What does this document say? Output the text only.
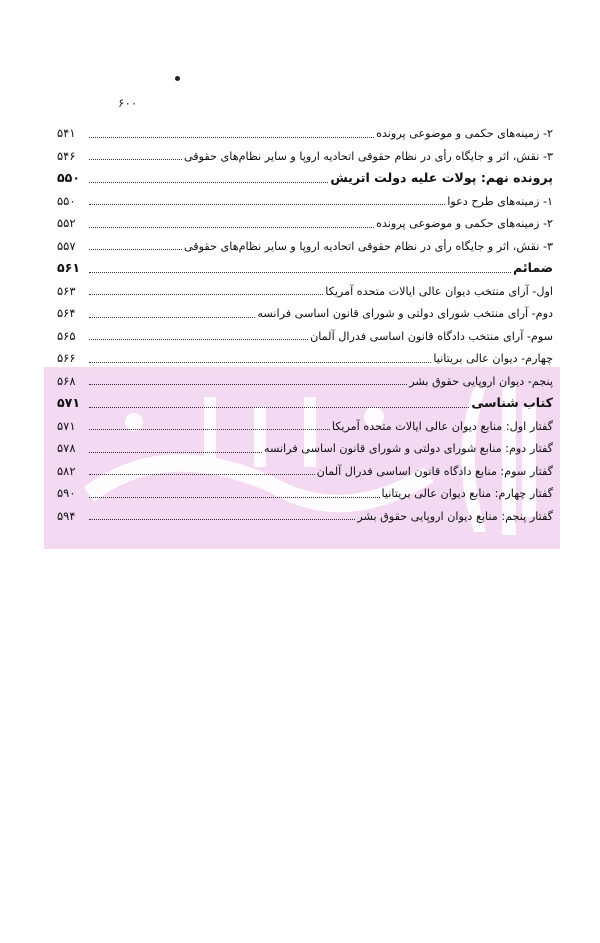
۶۰۰
۲- زمینه‌های حکمی و موضوعی پرونده
۵۴۱
۳- نقش، اثر و جایگاه رأی در نظام حقوقی اتحادیه اروپا و سایر نظام‌های حقوقی
۵۴۶
پرونده نهم: پولات علیه دولت اتریش
۵۵۰
۱- زمینه‌های طرح دعوا
۵۵۰
۲- زمینه‌های حکمی و موضوعی پرونده
۵۵۲
۳- نقش، اثر و جایگاه رأی در نظام حقوقی اتحادیه اروپا و سایر نظام‌های حقوقی
۵۵۷
ضمائم
۵۶۱
اول- آرای منتخب دیوان عالی ایالات متحده آمریکا
۵۶۳
دوم- آرای منتخب شورای دولتی و شورای قانون اساسی فرانسه
۵۶۴
سوم- آرای منتخب دادگاه قانون اساسی فدرال آلمان
۵۶۵
چهارم- دیوان عالی بریتانیا
۵۶۶
پنجم- دیوان اروپایی حقوق بشر
۵۶۸
کتاب شناسی
۵۷۱
گفتار اول: منابع دیوان عالی ایالات متحده آمریکا
۵۷۱
گفتار دوم: منابع شورای دولتی و شورای قانون اساسی فرانسه
۵۷۸
گفتار سوم: منابع دادگاه قانون اساسی فدرال آلمان
۵۸۲
گفتار چهارم: منابع دیوان عالی بریتانیا
۵۹۰
گفتار پنجم: منابع دیوان اروپایی حقوق بشر
۵۹۴
